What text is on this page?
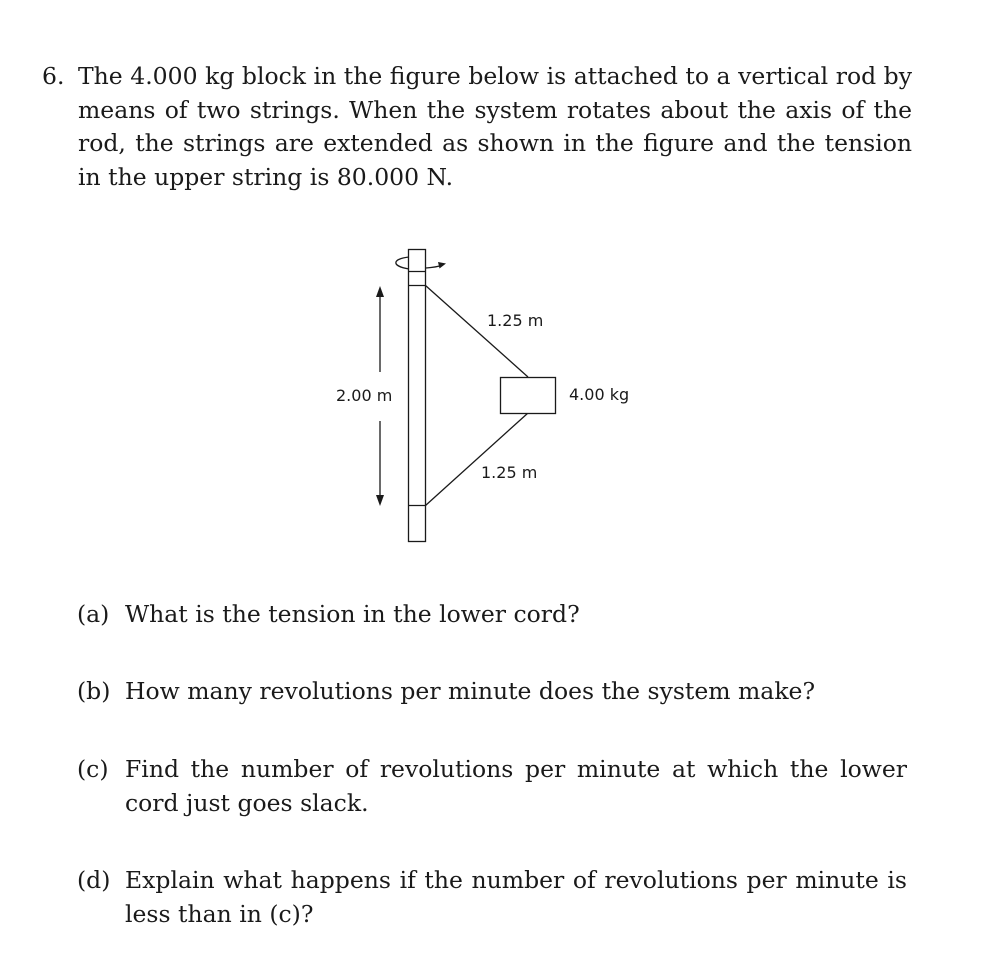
6. The 4.000 kg block in the figure below is attached to a vertical rod by means of two strings. When the system rotates about the axis of the rod, the strings are extended as shown in the figure and the tension in the upper string is 80.000 N.
1.25 m
1.25 m
2.00 m	4.00 kg
(a) What is the tension in the lower cord?
(b) How many revolutions per minute does the system make?
(c) Find the number of revolutions per minute at which the lower cord just goes slack.
(d) Explain what happens if the number of revolutions per minute is less than in (c)?
